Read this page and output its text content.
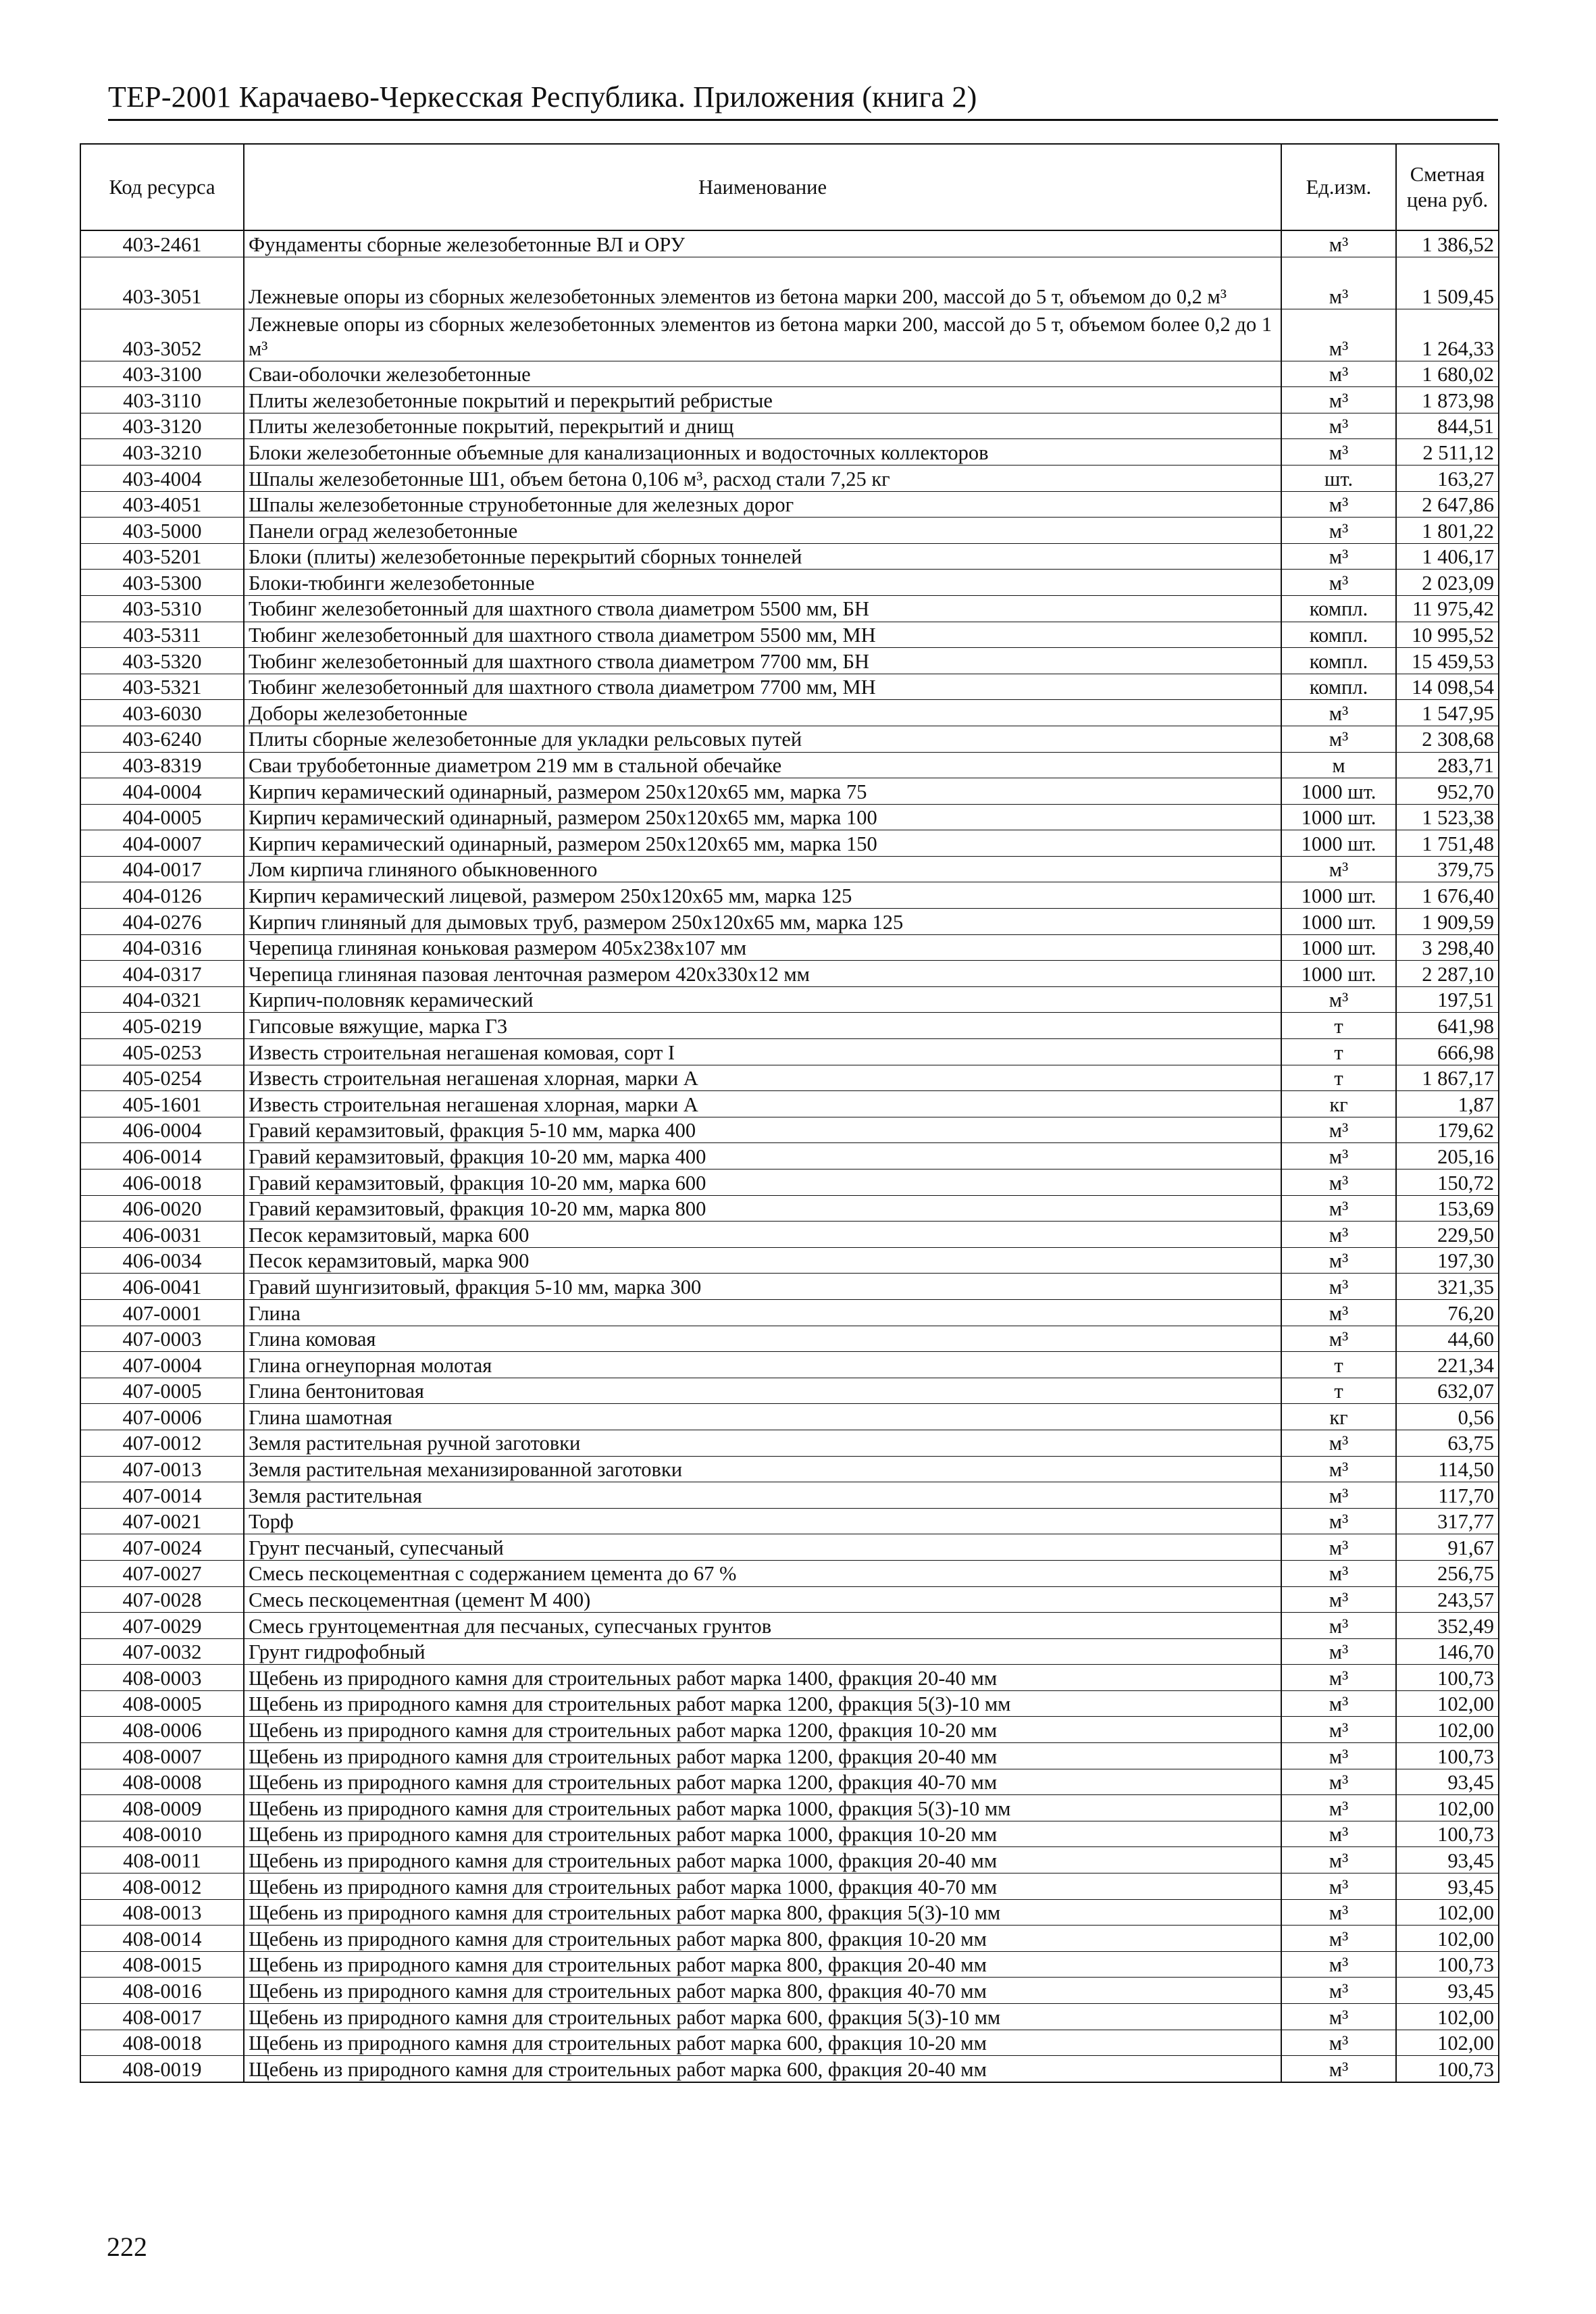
ТЕР-2001 Карачаево-Черкесская Республика. Приложения (книга 2)
Код ресурса	Наименование	Ед.изм.	Сметная цена руб.
403-2461	Фундаменты сборные железобетонные ВЛ и ОРУ	м³	1 386,52
403-3051	Лежневые опоры из сборных железобетонных элементов из бетона марки 200, массой до 5 т, объемом до 0,2 м³	м³	1 509,45
403-3052	Лежневые опоры из сборных железобетонных элементов из бетона марки 200, массой до 5 т, объемом более 0,2 до 1 м³	м³	1 264,33
403-3100	Сваи-оболочки железобетонные	м³	1 680,02
403-3110	Плиты железобетонные покрытий и перекрытий ребристые	м³	1 873,98
403-3120	Плиты железобетонные покрытий, перекрытий и днищ	м³	844,51
403-3210	Блоки железобетонные объемные для канализационных и водосточных коллекторов	м³	2 511,12
403-4004	Шпалы железобетонные Ш1, объем бетона 0,106 м³, расход стали 7,25 кг	шт.	163,27
403-4051	Шпалы железобетонные струнобетонные для железных дорог	м³	2 647,86
403-5000	Панели оград железобетонные	м³	1 801,22
403-5201	Блоки (плиты) железобетонные перекрытий сборных тоннелей	м³	1 406,17
403-5300	Блоки-тюбинги железобетонные	м³	2 023,09
403-5310	Тюбинг железобетонный для шахтного ствола диаметром 5500 мм, БН	компл.	11 975,42
403-5311	Тюбинг железобетонный для шахтного ствола диаметром 5500 мм, МН	компл.	10 995,52
403-5320	Тюбинг железобетонный для шахтного ствола диаметром 7700 мм, БН	компл.	15 459,53
403-5321	Тюбинг железобетонный для шахтного ствола диаметром 7700 мм, МН	компл.	14 098,54
403-6030	Доборы железобетонные	м³	1 547,95
403-6240	Плиты сборные железобетонные для укладки рельсовых путей	м³	2 308,68
403-8319	Сваи трубобетонные диаметром 219 мм в стальной обечайке	м	283,71
404-0004	Кирпич керамический одинарный, размером 250х120х65 мм, марка 75	1000 шт.	952,70
404-0005	Кирпич керамический одинарный, размером 250х120х65 мм, марка 100	1000 шт.	1 523,38
404-0007	Кирпич керамический одинарный, размером 250х120х65 мм, марка 150	1000 шт.	1 751,48
404-0017	Лом кирпича глиняного обыкновенного	м³	379,75
404-0126	Кирпич керамический лицевой, размером 250х120х65 мм, марка 125	1000 шт.	1 676,40
404-0276	Кирпич глиняный для дымовых труб, размером 250х120х65 мм, марка 125	1000 шт.	1 909,59
404-0316	Черепица глиняная коньковая размером 405х238х107 мм	1000 шт.	3 298,40
404-0317	Черепица глиняная пазовая ленточная размером 420х330х12 мм	1000 шт.	2 287,10
404-0321	Кирпич-половняк керамический	м³	197,51
405-0219	Гипсовые вяжущие, марка Г3	т	641,98
405-0253	Известь строительная негашеная комовая, сорт I	т	666,98
405-0254	Известь строительная негашеная хлорная, марки А	т	1 867,17
405-1601	Известь строительная негашеная хлорная, марки А	кг	1,87
406-0004	Гравий керамзитовый, фракция 5-10 мм, марка 400	м³	179,62
406-0014	Гравий керамзитовый, фракция 10-20 мм, марка 400	м³	205,16
406-0018	Гравий керамзитовый, фракция 10-20 мм, марка 600	м³	150,72
406-0020	Гравий керамзитовый, фракция 10-20 мм, марка 800	м³	153,69
406-0031	Песок керамзитовый, марка 600	м³	229,50
406-0034	Песок керамзитовый, марка 900	м³	197,30
406-0041	Гравий шунгизитовый, фракция 5-10 мм, марка 300	м³	321,35
407-0001	Глина	м³	76,20
407-0003	Глина комовая	м³	44,60
407-0004	Глина огнеупорная молотая	т	221,34
407-0005	Глина бентонитовая	т	632,07
407-0006	Глина шамотная	кг	0,56
407-0012	Земля растительная ручной заготовки	м³	63,75
407-0013	Земля растительная механизированной заготовки	м³	114,50
407-0014	Земля растительная	м³	117,70
407-0021	Торф	м³	317,77
407-0024	Грунт песчаный, супесчаный	м³	91,67
407-0027	Смесь пескоцементная с содержанием цемента до 67 %	м³	256,75
407-0028	Смесь пескоцементная (цемент М 400)	м³	243,57
407-0029	Смесь грунтоцементная для песчаных, супесчаных грунтов	м³	352,49
407-0032	Грунт гидрофобный	м³	146,70
408-0003	Щебень из природного камня для строительных работ марка 1400, фракция 20-40 мм	м³	100,73
408-0005	Щебень из природного камня для строительных работ марка 1200, фракция 5(3)-10 мм	м³	102,00
408-0006	Щебень из природного камня для строительных работ марка 1200, фракция 10-20 мм	м³	102,00
408-0007	Щебень из природного камня для строительных работ марка 1200, фракция 20-40 мм	м³	100,73
408-0008	Щебень из природного камня для строительных работ марка 1200, фракция 40-70 мм	м³	93,45
408-0009	Щебень из природного камня для строительных работ марка 1000, фракция 5(3)-10 мм	м³	102,00
408-0010	Щебень из природного камня для строительных работ марка 1000, фракция 10-20 мм	м³	100,73
408-0011	Щебень из природного камня для строительных работ марка 1000, фракция 20-40 мм	м³	93,45
408-0012	Щебень из природного камня для строительных работ марка 1000, фракция 40-70 мм	м³	93,45
408-0013	Щебень из природного камня для строительных работ марка 800, фракция 5(3)-10 мм	м³	102,00
408-0014	Щебень из природного камня для строительных работ марка 800, фракция 10-20 мм	м³	102,00
408-0015	Щебень из природного камня для строительных работ марка 800, фракция 20-40 мм	м³	100,73
408-0016	Щебень из природного камня для строительных работ марка 800, фракция 40-70 мм	м³	93,45
408-0017	Щебень из природного камня для строительных работ марка 600, фракция 5(3)-10 мм	м³	102,00
408-0018	Щебень из природного камня для строительных работ марка 600, фракция 10-20 мм	м³	102,00
408-0019	Щебень из природного камня для строительных работ марка 600, фракция 20-40 мм	м³	100,73
222
